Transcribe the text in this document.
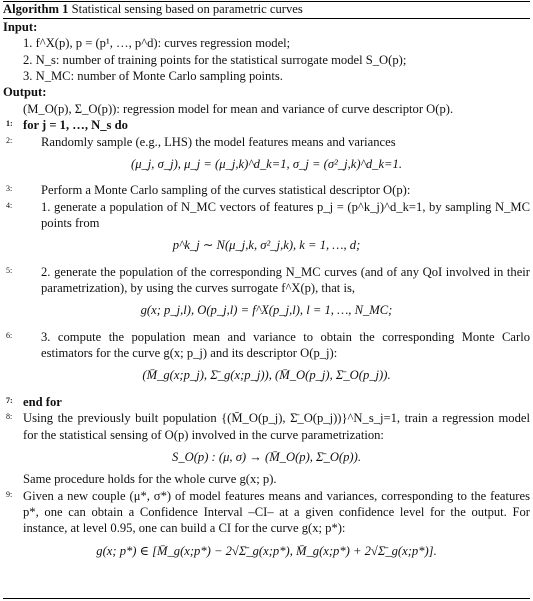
Algorithm 1 Statistical sensing based on parametric curves
Input:
1. f^X(p), p = (p¹, …, p^d): curves regression model;
2. N_s: number of training points for the statistical surrogate model S_O(p);
3. N_MC: number of Monte Carlo sampling points.
Output:
(M_O(p), Σ_O(p)): regression model for mean and variance of curve descriptor O(p).
1: for j = 1, …, N_s do
2: Randomly sample (e.g., LHS) the model features means and variances
(μ_j, σ_j), μ_j = (μ_j,k)^d_k=1, σ_j = (σ²_j,k)^d_k=1.
3: Perform a Monte Carlo sampling of the curves statistical descriptor O(p):
4: 1. generate a population of N_MC vectors of features p_j = (p^k_j)^d_k=1, by sampling N_MC points from
p^k_j ∼ N(μ_j,k, σ²_j,k), k = 1, …, d;
5: 2. generate the population of the corresponding N_MC curves (and of any QoI involved in their parametrization), by using the curves surrogate f^X(p), that is,
g(x; p_j,l), O(p_j,l) = f^X(p_j,l), l = 1, …, N_MC;
6: 3. compute the population mean and variance to obtain the corresponding Monte Carlo estimators for the curve g(x; p_j) and its descriptor O(p_j):
(M̄_g(x;p_j), Σ̄_g(x;p_j)), (M̄_O(p_j), Σ̄_O(p_j)).
7: end for
8: Using the previously built population {(M̄_O(p_j), Σ̄_O(p_j))}^N_s_j=1, train a regression model for the statistical sensing of O(p) involved in the curve parametrization:
S_O(p) : (μ, σ) → (M̄_O(p), Σ̄_O(p)).
Same procedure holds for the whole curve g(x; p).
9: Given a new couple (μ*, σ*) of model features means and variances, corresponding to the features p*, one can obtain a Confidence Interval –CI– at a given confidence level for the output. For instance, at level 0.95, one can build a CI for the curve g(x; p*):
g(x; p*) ∈ [M̄_g(x;p*) − 2√Σ̄_g(x;p*), M̄_g(x;p*) + 2√Σ̄_g(x;p*)].
